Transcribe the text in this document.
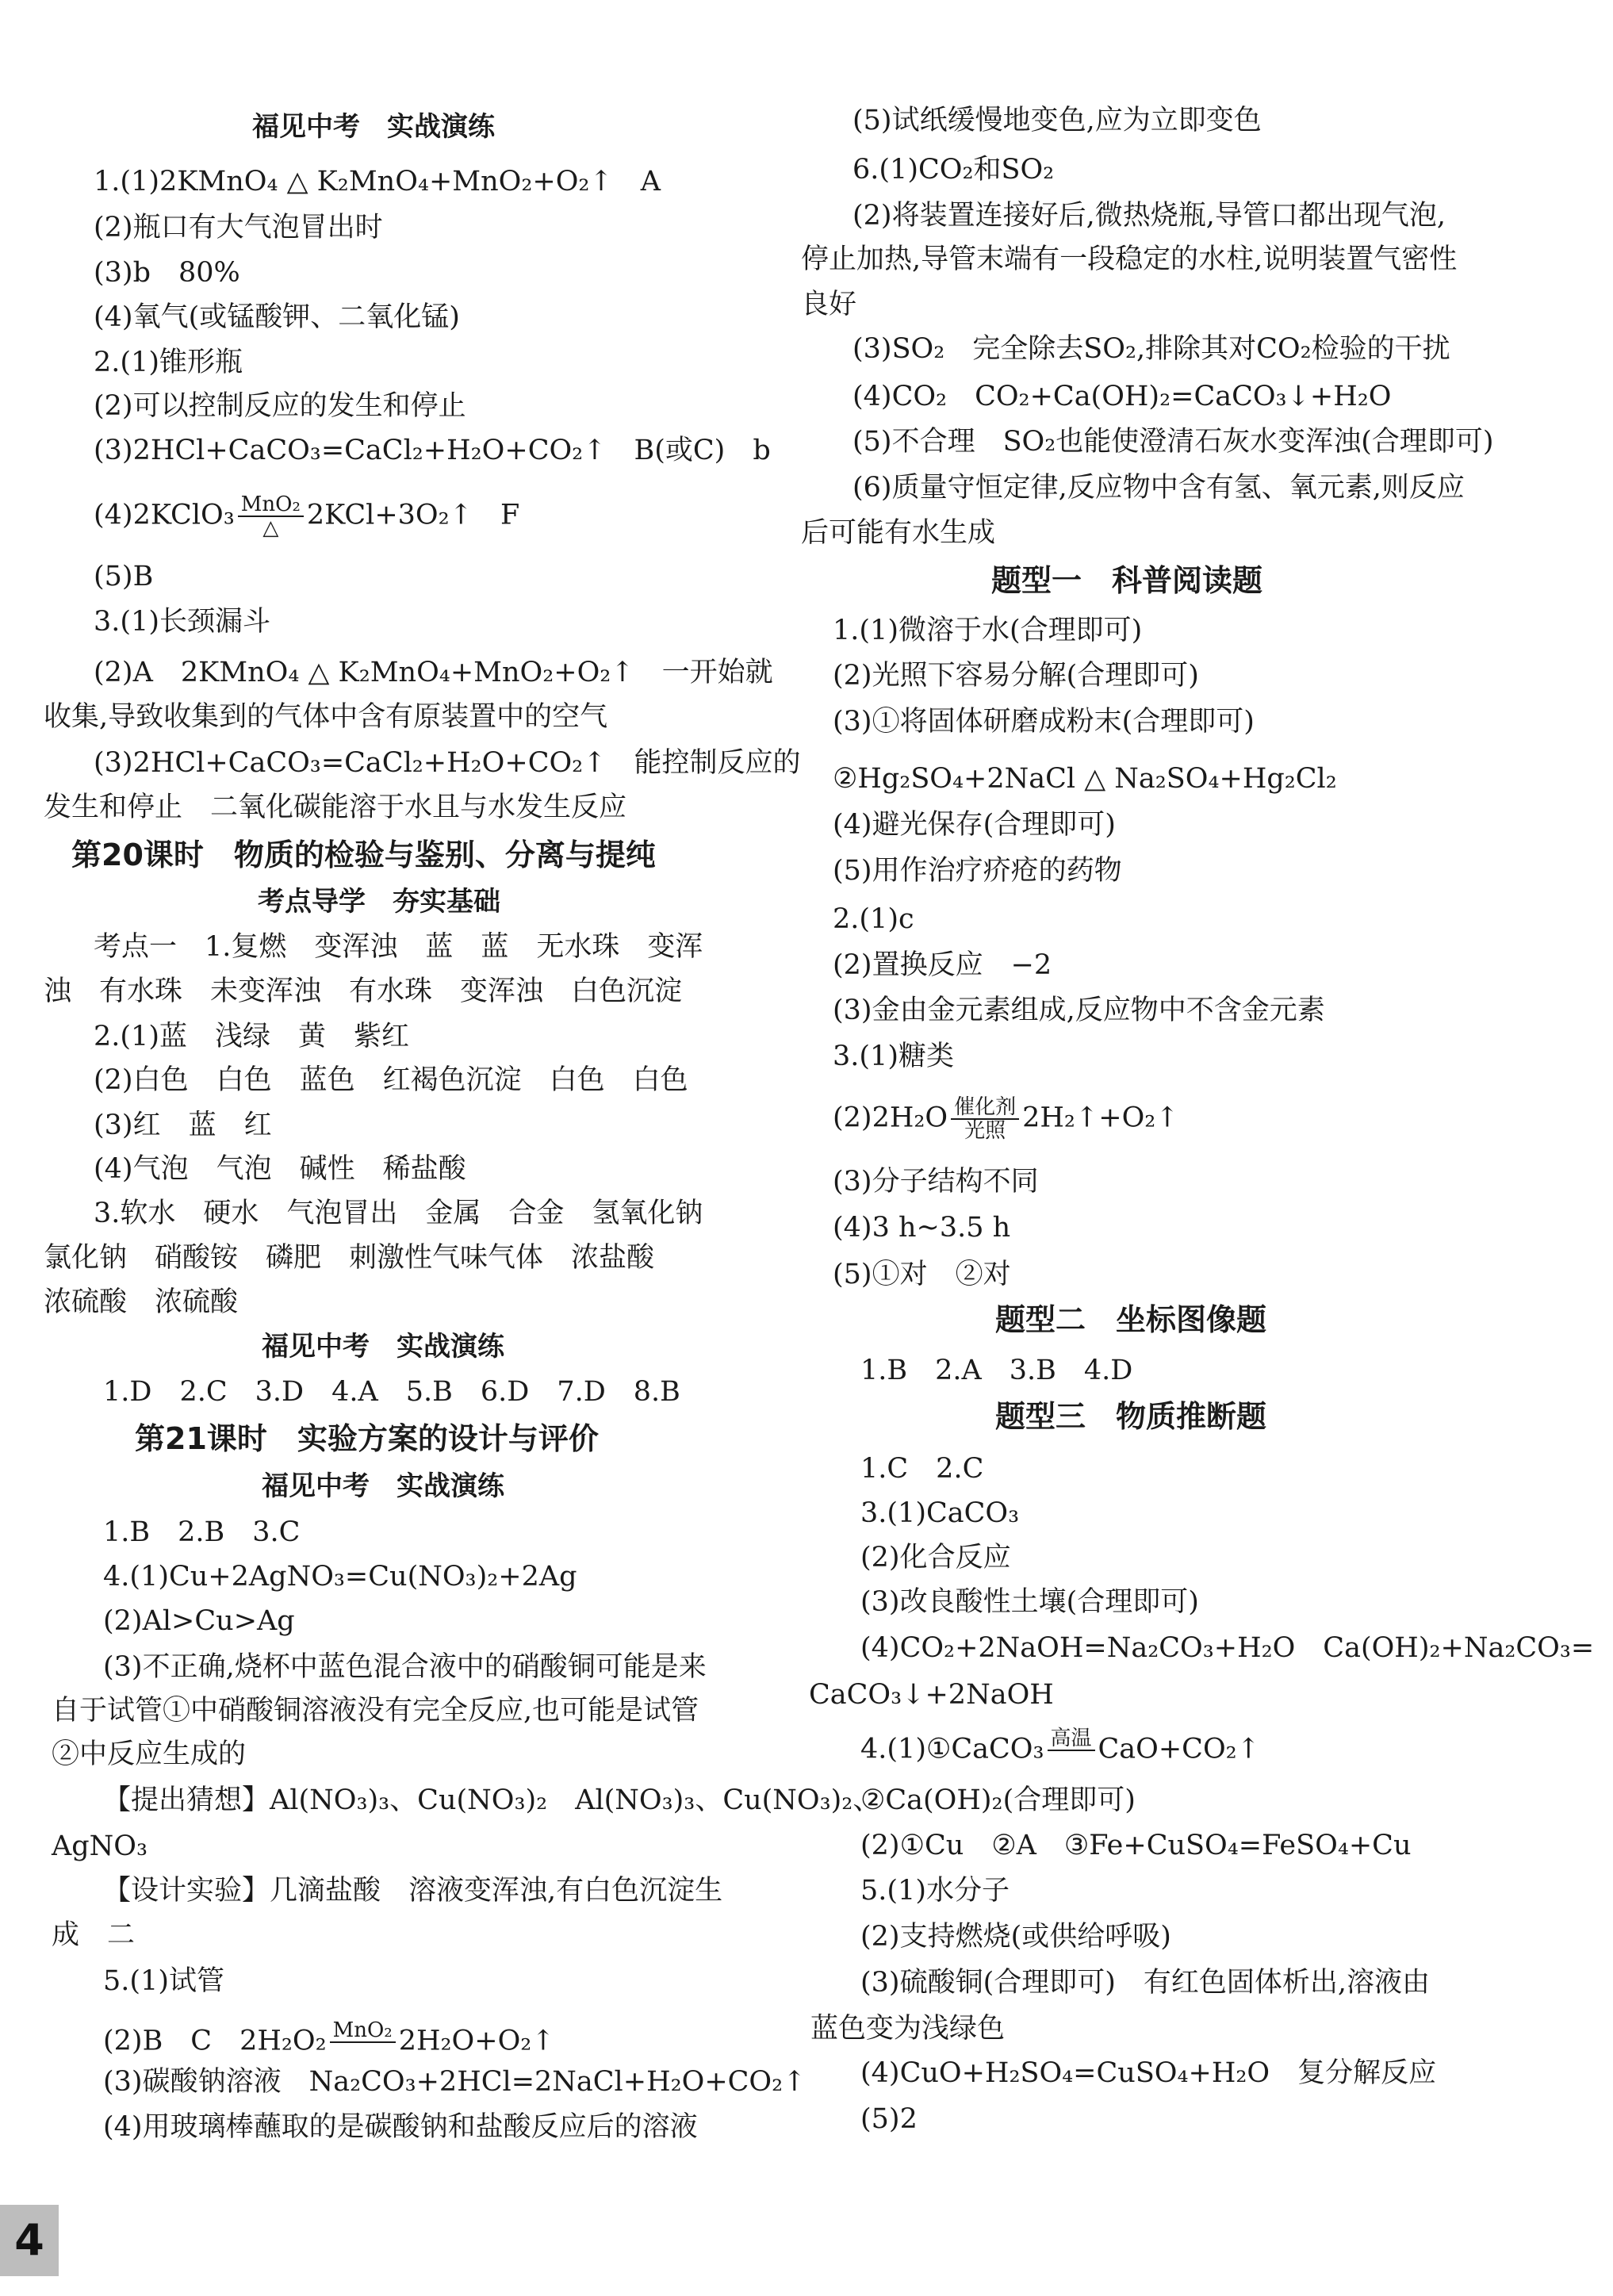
福见中考　实战演练
1.(1)2KMnO₄ △ K₂MnO₄+MnO₂+O₂↑　A
(2)瓶口有大气泡冒出时
(3)b　80%
(4)氧气(或锰酸钾、二氧化锰)
2.(1)锥形瓶
(2)可以控制反应的发生和停止
(3)2HCl+CaCO₃=CaCl₂+H₂O+CO₂↑　B(或C)　b
(4)2KClO₃ $\frac{\text{MnO₂}}{\triangle}$ 2KCl+3O₂↑　F
(5)B
3.(1)长颈漏斗
(2)A　2KMnO₄ △ K₂MnO₄+MnO₂+O₂↑　一开始就
收集,导致收集到的气体中含有原装置中的空气
(3)2HCl+CaCO₃=CaCl₂+H₂O+CO₂↑　能控制反应的
发生和停止　二氧化碳能溶于水且与水发生反应
第20课时　物质的检验与鉴别、分离与提纯
考点导学　夯实基础
考点一　1.复燃　变浑浊　蓝　蓝　无水珠　变浑
浊　有水珠　未变浑浊　有水珠　变浑浊　白色沉淀
2.(1)蓝　浅绿　黄　紫红
(2)白色　白色　蓝色　红褐色沉淀　白色　白色
(3)红　蓝　红
(4)气泡　气泡　碱性　稀盐酸
3.软水　硬水　气泡冒出　金属　合金　氢氧化钠
氯化钠　硝酸铵　磷肥　刺激性气味气体　浓盐酸
浓硫酸　浓硫酸
福见中考　实战演练
1.D　2.C　3.D　4.A　5.B　6.D　7.D　8.B
第21课时　实验方案的设计与评价
福见中考　实战演练
1.B　2.B　3.C
4.(1)Cu+2AgNO₃=Cu(NO₃)₂+2Ag
(2)Al>Cu>Ag
(3)不正确,烧杯中蓝色混合液中的硝酸铜可能是来
自于试管①中硝酸铜溶液没有完全反应,也可能是试管
②中反应生成的
【提出猜想】Al(NO₃)₃、Cu(NO₃)₂　Al(NO₃)₃、Cu(NO₃)₂、
AgNO₃
【设计实验】几滴盐酸　溶液变浑浊,有白色沉淀生
成　二
5.(1)试管
(2)B　C　2H₂O₂ MnO₂ 2H₂O+O₂↑
(3)碳酸钠溶液　Na₂CO₃+2HCl=2NaCl+H₂O+CO₂↑
(4)用玻璃棒蘸取的是碳酸钠和盐酸反应后的溶液
(5)试纸缓慢地变色,应为立即变色
6.(1)CO₂和SO₂
(2)将装置连接好后,微热烧瓶,导管口都出现气泡,
停止加热,导管末端有一段稳定的水柱,说明装置气密性
良好
(3)SO₂　完全除去SO₂,排除其对CO₂检验的干扰
(4)CO₂　CO₂+Ca(OH)₂=CaCO₃↓+H₂O
(5)不合理　SO₂也能使澄清石灰水变浑浊(合理即可)
(6)质量守恒定律,反应物中含有氢、氧元素,则反应
后可能有水生成
题型一　科普阅读题
1.(1)微溶于水(合理即可)
(2)光照下容易分解(合理即可)
(3)①将固体研磨成粉末(合理即可)
②Hg₂SO₄+2NaCl △ Na₂SO₄+Hg₂Cl₂
(4)避光保存(合理即可)
(5)用作治疗疥疮的药物
2.(1)c
(2)置换反应　−2
(3)金由金元素组成,反应物中不含金元素
3.(1)糖类
$(2)2H_2O \frac{\text{催化剂}}{\text{光照}}$ 2H₂↑+O₂↑
(3)分子结构不同
(4)3 h~3.5 h
(5)①对　②对
题型二　坐标图像题
1.B　2.A　3.B　4.D
题型三　物质推断题
1.C　2.C
3.(1)CaCO₃
(2)化合反应
(3)改良酸性土壤(合理即可)
(4)CO₂+2NaOH=Na₂CO₃+H₂O　Ca(OH)₂+Na₂CO₃=
CaCO₃↓+2NaOH
4.(1)①CaCO₃ 高温 CaO+CO₂↑
②Ca(OH)₂(合理即可)
(2)①Cu　②A　③Fe+CuSO₄=FeSO₄+Cu
5.(1)水分子
(2)支持燃烧(或供给呼吸)
(3)硫酸铜(合理即可)　有红色固体析出,溶液由
蓝色变为浅绿色
(4)CuO+H₂SO₄=CuSO₄+H₂O　复分解反应
(5)2
4
